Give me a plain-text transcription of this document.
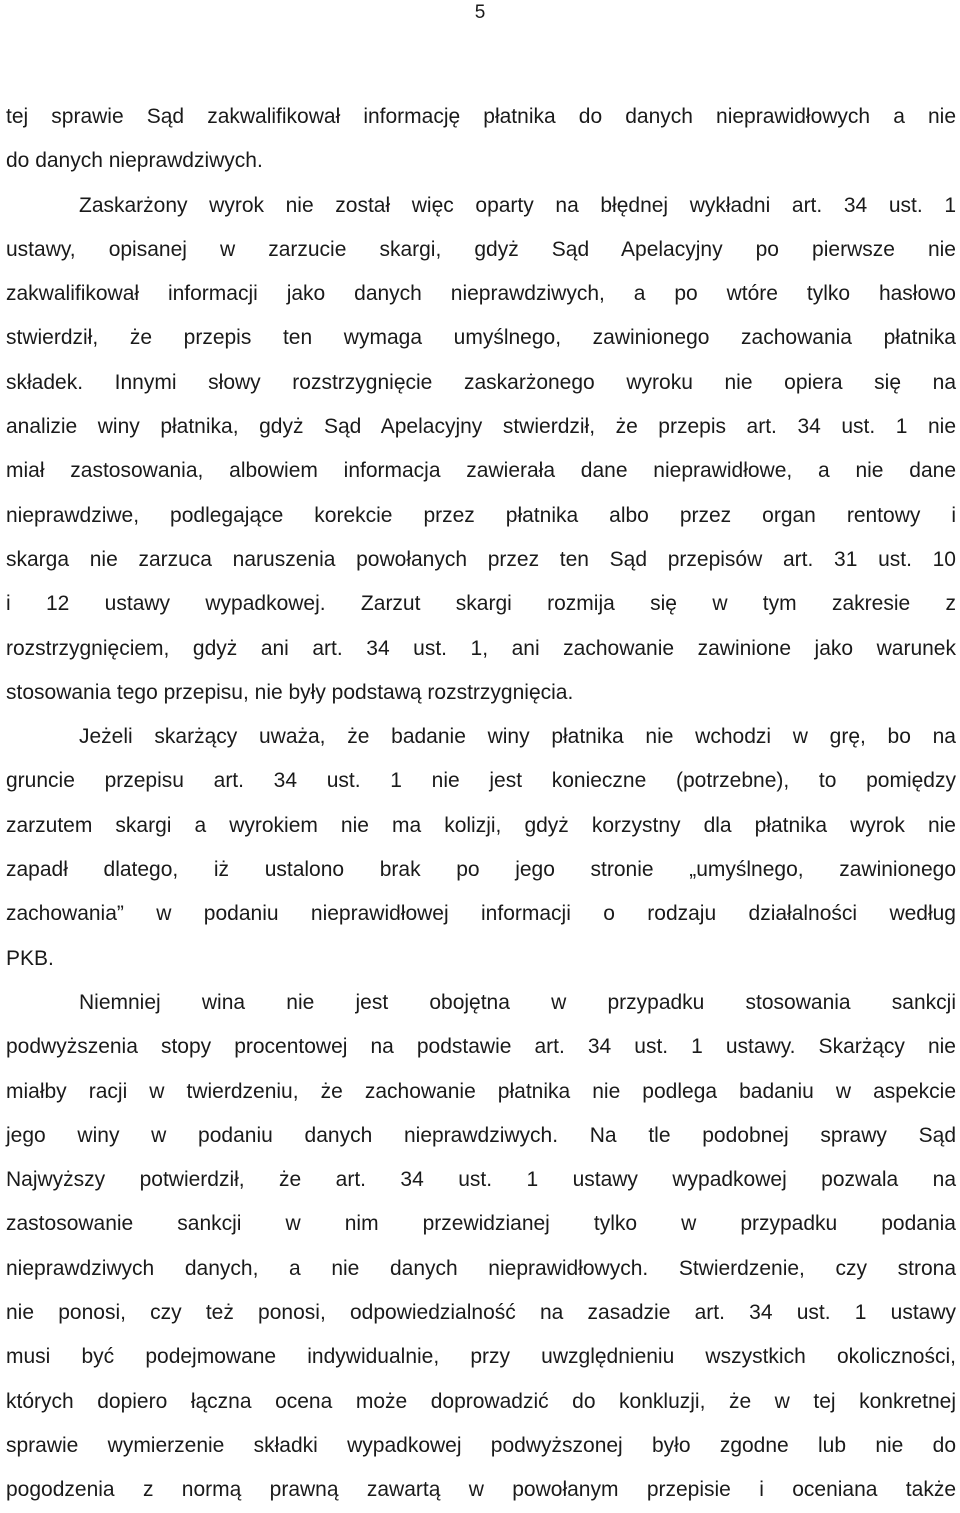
5
tej sprawie Sąd zakwalifikował informację płatnika do danych nieprawidłowych a nie
do danych nieprawdziwych.
Zaskarżony wyrok nie został więc oparty na błędnej wykładni art. 34 ust. 1
ustawy, opisanej w zarzucie skargi, gdyż Sąd Apelacyjny po pierwsze nie
zakwalifikował informacji jako danych nieprawdziwych, a po wtóre tylko hasłowo
stwierdził, że przepis ten wymaga umyślnego, zawinionego zachowania płatnika
składek. Innymi słowy rozstrzygnięcie zaskarżonego wyroku nie opiera się na
analizie winy płatnika, gdyż Sąd Apelacyjny stwierdził, że przepis art. 34 ust. 1 nie
miał zastosowania, albowiem informacja zawierała dane nieprawidłowe, a nie dane
nieprawdziwe, podlegające korekcie przez płatnika albo przez organ rentowy i
skarga nie zarzuca naruszenia powołanych przez ten Sąd przepisów art. 31 ust. 10
i 12 ustawy wypadkowej. Zarzut skargi rozmija się w tym zakresie z
rozstrzygnięciem, gdyż ani art. 34 ust. 1, ani zachowanie zawinione jako warunek
stosowania tego przepisu, nie były podstawą rozstrzygnięcia.
Jeżeli skarżący uważa, że badanie winy płatnika nie wchodzi w grę, bo na
gruncie przepisu art. 34 ust. 1 nie jest konieczne (potrzebne), to pomiędzy
zarzutem skargi a wyrokiem nie ma kolizji, gdyż korzystny dla płatnika wyrok nie
zapadł dlatego, iż ustalono brak po jego stronie „umyślnego, zawinionego
zachowania” w podaniu nieprawidłowej informacji o rodzaju działalności według
PKB.
Niemniej wina nie jest obojętna w przypadku stosowania sankcji
podwyższenia stopy procentowej na podstawie art. 34 ust. 1 ustawy. Skarżący nie
miałby racji w twierdzeniu, że zachowanie płatnika nie podlega badaniu w aspekcie
jego winy w podaniu danych nieprawdziwych. Na tle podobnej sprawy Sąd
Najwyższy potwierdził, że art. 34 ust. 1 ustawy wypadkowej pozwala na
zastosowanie sankcji w nim przewidzianej tylko w przypadku podania
nieprawdziwych danych, a nie danych nieprawidłowych. Stwierdzenie, czy strona
nie ponosi, czy też ponosi, odpowiedzialność na zasadzie art. 34 ust. 1 ustawy
musi być podejmowane indywidualnie, przy uwzględnieniu wszystkich okoliczności,
których dopiero łączna ocena może doprowadzić do konkluzji, że w tej konkretnej
sprawie wymierzenie składki wypadkowej podwyższonej było zgodne lub nie do
pogodzenia z normą prawną zawartą w powołanym przepisie i oceniana także
